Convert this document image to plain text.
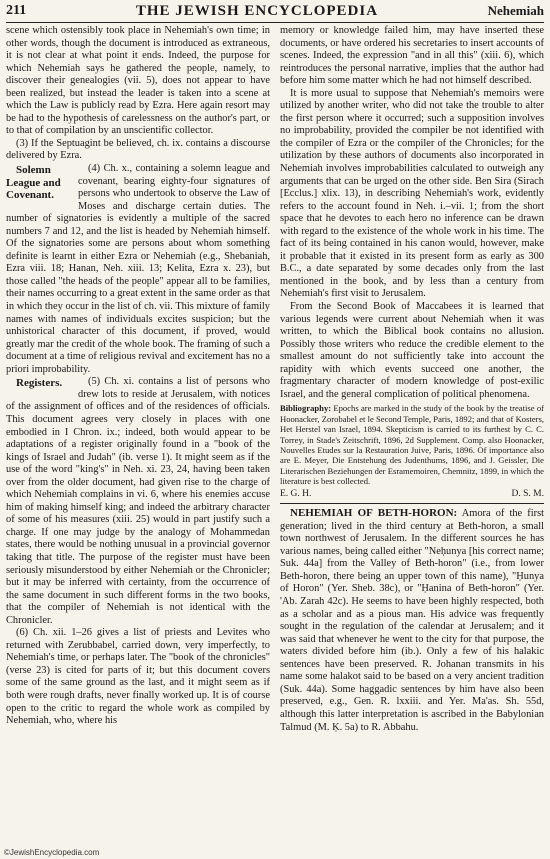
211	THE JEWISH ENCYCLOPEDIA	Nehemiah

scene which ostensibly took place in Nehemiah's own time; in other words, though the document is introduced as extraneous, it is not clear at what point it ends. Indeed, the purpose for which Nehemiah says he gathered the people, namely, to discover their genealogies (vii. 5), does not appear to have been realized, but instead the leader is taken into a scene at which the Law is publicly read by Ezra. Here again resort may be had to the hypothesis of carelessness on the author's part, or to that of compilation by an unscientific collector.

(3) If the Septuagint be believed, ch. ix. contains a discourse delivered by Ezra.

Solemn League and Covenant.
(4) Ch. x., containing a solemn league and covenant, bearing eighty-four signatures of persons who undertook to observe the Law of Moses and discharge certain duties. The number of signatories is evidently a multiple of the sacred numbers 7 and 12, and the list is headed by Nehemiah himself. Of the signatories some are persons about whom something definite is learnt in either Ezra or Nehemiah (e.g., Shebaniah, Ezra viii. 18; Hanan, Neh. xiii. 13; Kelita, Ezra x. 23), but those called "the heads of the people" appear all to be families, their names occurring to a great extent in the same order as that in which they occur in the list of ch. vii. This mixture of family names with names of individuals excites suspicion; but the unhistorical character of this document, if proved, would greatly mar the credit of the whole book. The framing of such a document at a time of religious revival and excitement has no a priori improbability.

Registers.	(5) Ch. xi. contains a list of persons who drew lots to reside at Jerusalem, with notices of the assignment of offices and of the residences of officials. This document agrees very closely in places with one embodied in I Chron. ix.; indeed, both would appear to be adaptations of a register originally found in a "book of the kings of Israel and Judah" (ib. verse 1). It might seem as if the use of the word "king's" in Neh. xi. 23, 24, having been taken over from the older document, had given rise to the charge of which Nehemiah complains in vi. 6, where his enemies accuse him of making himself king; and indeed the arbitrary character of some of his measures (xiii. 25) would in part justify such a charge. If one may judge by the analogy of Mohammedan states, there would be nothing unusual in a provincial governor taking that title. The purpose of the register must have been seriously misunderstood by either Nehemiah or the Chronicler; but it may be inferred with certainty, from the occurrence of the same document in such different forms in the two books, that the compiler of Nehemiah is not identical with the Chronicler.

(6) Ch. xii. 1–26 gives a list of priests and Levites who returned with Zerubbabel, carried down, very imperfectly, to Nehemiah's time, or perhaps later. The "book of the chronicles" (verse 23) is cited for parts of it; but this document covers some of the same ground as the last, and it might seem as if both were rough drafts, never finally worked up. It is of course open to the critic to regard the whole work as compiled by Nehemiah, who, where his

memory or knowledge failed him, may have inserted these documents, or have ordered his secretaries to insert accounts of scenes. Indeed, the expression "and in all this" (xiii. 6), which reintroduces the personal narrative, implies that the author had before him some matter which he had not himself described.

It is more usual to suppose that Nehemiah's memoirs were utilized by another writer, who did not take the trouble to alter the first person where it occurred; such a supposition involves no improbability, provided the compiler be not identified with the compiler of Ezra or the compiler of the Chronicles; for the utilization by these authors of documents also incorporated in Nehemiah involves improbabilities calculated to outweigh any arguments that can be urged on the other side. Ben Sira (Sirach [Ecclus.] xlix. 13), in describing Nehemiah's work, evidently refers to the account found in Neh. i.–vii. 1; from the short space that he devotes to each hero no inference can be drawn with regard to the existence of the whole work in his time. The fact of its being contained in his canon would, however, make it probable that it existed in its present form as early as 300 B.C., a date separated by some decades only from the last mentioned in the book, and by less than a century from Nehemiah's first visit to Jerusalem.

From the Second Book of Maccabees it is learned that various legends were current about Nehemiah when it was written, to which the Biblical book contains no allusion. Possibly those writers who reduce the credible element to the smallest amount do not sufficiently take into account the rapidity with which events succeed one another, the fragmentary character of modern knowledge of post-exilic Israel, and the general complication of political phenomena.

Bibliography: Epochs are marked in the study of the book by the treatise of Hoonacker, Zorobabel et le Second Temple, Paris, 1892; and that of Kosters, Het Herstel van Israel, 1894. Skepticism is carried to its furthest by C. C. Torrey, in Stade's Zeitschrift, 1896, 2d Supplement. Comp. also Hoonacker, Nouvelles Etudes sur la Restauration Juive, Paris, 1896. Of importance also are E. Meyer, Die Entstehung des Judenthums, 1896, and J. Geissler, Die Literarischen Beziehungen der Esramemoiren, Chemnitz, 1899, in which the literature is best collected.

E. G. H.	D. S. M.

NEHEMIAH OF BETH-HORON: Amora of the first generation; lived in the third century at Beth-horon, a small town northwest of Jerusalem. In the different sources he has various names, being called either "Neḥunya [his correct name; Suk. 44a] from the Valley of Beth-horon" (i.e., from lower Beth-horon, there being an upper town of this name), "Ḥunya of Horon" (Yer. Sheb. 38c), or "Ḥanina of Beth-horon" (Yer. 'Ab. Zarah 42c). He seems to have been highly respected, both as a scholar and as a pious man. His advice was frequently sought in the regulation of the calendar at Jerusalem; and it was said that whenever he went to the city for that purpose, the waters divided before him (ib.). Only a few of his halakic sentences have been preserved. R. Johanan transmits in his name some halakot said to be based on a very ancient tradition (Suk. 44a). Some haggadic sentences by him have also been preserved, e.g., Gen. R. lxxiii. and Yer. Ma'as. Sh. 55d, although this latter interpretation is ascribed in the Babylonian Talmud (M. Ḳ. 5a) to R. Abbahu.

©JewishEncyclopedia.com
